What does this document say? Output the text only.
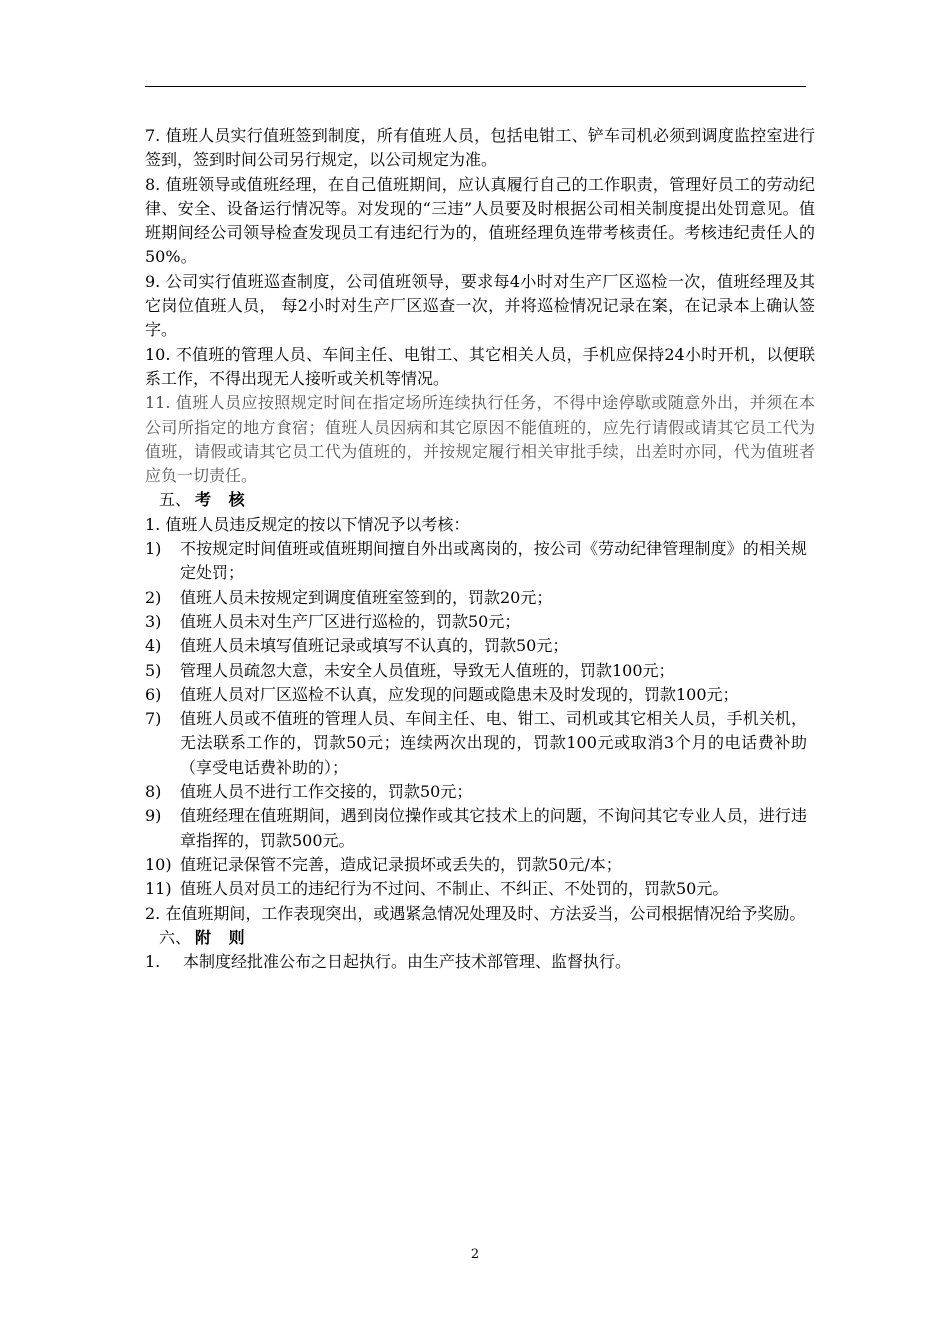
7. 值班人员实行值班签到制度，所有值班人员，包括电钳工、铲车司机必须到调度监控室进行签到，签到时间公司另行规定，以公司规定为准。

8. 值班领导或值班经理，在自己值班期间，应认真履行自己的工作职责，管理好员工的劳动纪律、安全、设备运行情况等。对发现的“三违”人员要及时根据公司相关制度提出处罚意见。值班期间经公司领导检查发现员工有违纪行为的，值班经理负连带考核责任。考核违纪责任人的50%。

9. 公司实行值班巡查制度，公司值班领导，要求每4小时对生产厂区巡检一次，值班经理及其它岗位值班人员， 每2小时对生产厂区巡查一次，并将巡检情况记录在案，在记录本上确认签字。

10. 不值班的管理人员、车间主任、电钳工、其它相关人员，手机应保持24小时开机，以便联系工作，不得出现无人接听或关机等情况。

11. 值班人员应按照规定时间在指定场所连续执行任务，不得中途停歇或随意外出，并须在本公司所指定的地方食宿；值班人员因病和其它原因不能值班的，应先行请假或请其它员工代为值班，请假或请其它员工代为值班的，并按规定履行相关审批手续，出差时亦同，代为值班者应负一切责任。

五、 考 核

1. 值班人员违反规定的按以下情况予以考核：

1)	不按规定时间值班或值班期间擅自外出或离岗的，按公司《劳动纪律管理制度》的相关规定处罚；
2)	值班人员未按规定到调度值班室签到的，罚款20元；
3)	值班人员未对生产厂区进行巡检的，罚款50元；
4)	值班人员未填写值班记录或填写不认真的，罚款50元；
5)	管理人员疏忽大意，未安全人员值班，导致无人值班的，罚款100元；
6)	值班人员对厂区巡检不认真，应发现的问题或隐患未及时发现的，罚款100元；
7)	值班人员或不值班的管理人员、车间主任、电、钳工、司机或其它相关人员，手机关机，无法联系工作的，罚款50元；连续两次出现的，罚款100元或取消3个月的电话费补助（享受电话费补助的）；
8)	值班人员不进行工作交接的，罚款50元；
9)	值班经理在值班期间，遇到岗位操作或其它技术上的问题，不询问其它专业人员，进行违章指挥的，罚款500元。
10) 值班记录保管不完善，造成记录损坏或丢失的，罚款50元/本；
11) 值班人员对员工的违纪行为不过问、不制止、不纠正、不处罚的，罚款50元。

2. 在值班期间，工作表现突出，或遇紧急情况处理及时、方法妥当，公司根据情况给予奖励。

六、 附 则

1.	本制度经批准公布之日起执行。由生产技术部管理、监督执行。
2
